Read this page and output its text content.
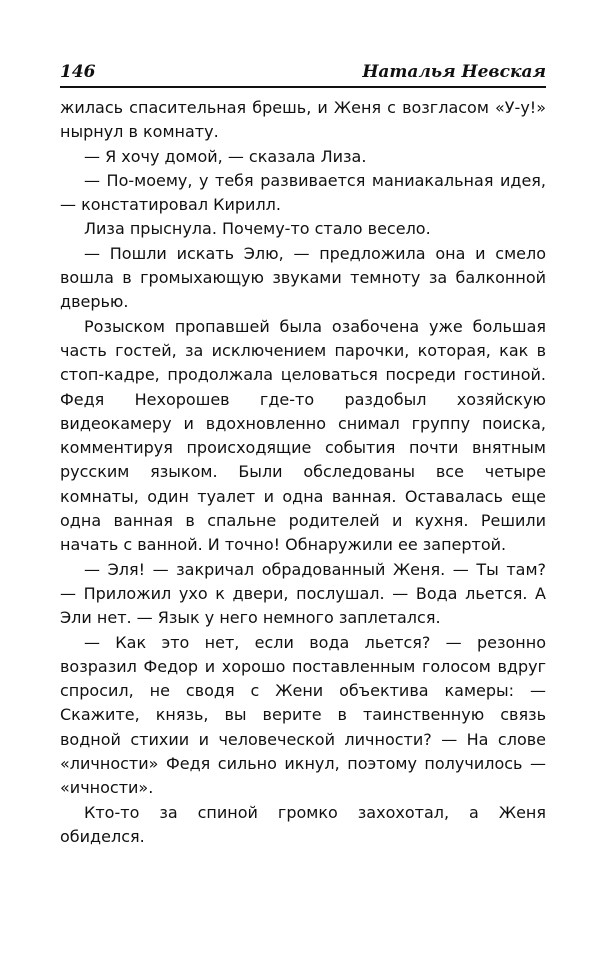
146	Наталья Невская

жилась спасительная брешь, и Женя с возгласом «У-у!» нырнул в комнату.

— Я хочу домой, — сказала Лиза.

— По-моему, у тебя развивается маниакальная идея, — констатировал Кирилл.

Лиза прыснула. Почему-то стало весело.

— Пошли искать Элю, — предложила она и смело вошла в громыхающую звуками темноту за балконной дверью.

Розыском пропавшей была озабочена уже большая часть гостей, за исключением парочки, которая, как в стоп-кадре, продолжала целоваться посреди гостиной. Федя Нехорошев где-то раздобыл хозяйскую видеокамеру и вдохновленно снимал группу поиска, комментируя происходящие события почти внятным русским языком. Были обследованы все четыре комнаты, один туалет и одна ванная. Оставалась еще одна ванная в спальне родителей и кухня. Решили начать с ванной. И точно! Обнаружили ее запертой.

— Эля! — закричал обрадованный Женя. — Ты там? — Приложил ухо к двери, послушал. — Вода льется. А Эли нет. — Язык у него немного заплетался.

— Как это нет, если вода льется? — резонно возразил Федор и хорошо поставленным голосом вдруг спросил, не сводя с Жени объектива камеры: — Скажите, князь, вы верите в таинственную связь водной стихии и человеческой личности? — На слове «личности» Федя сильно икнул, поэтому получилось — «ичности».

Кто-то за спиной громко захохотал, а Женя обиделся.
